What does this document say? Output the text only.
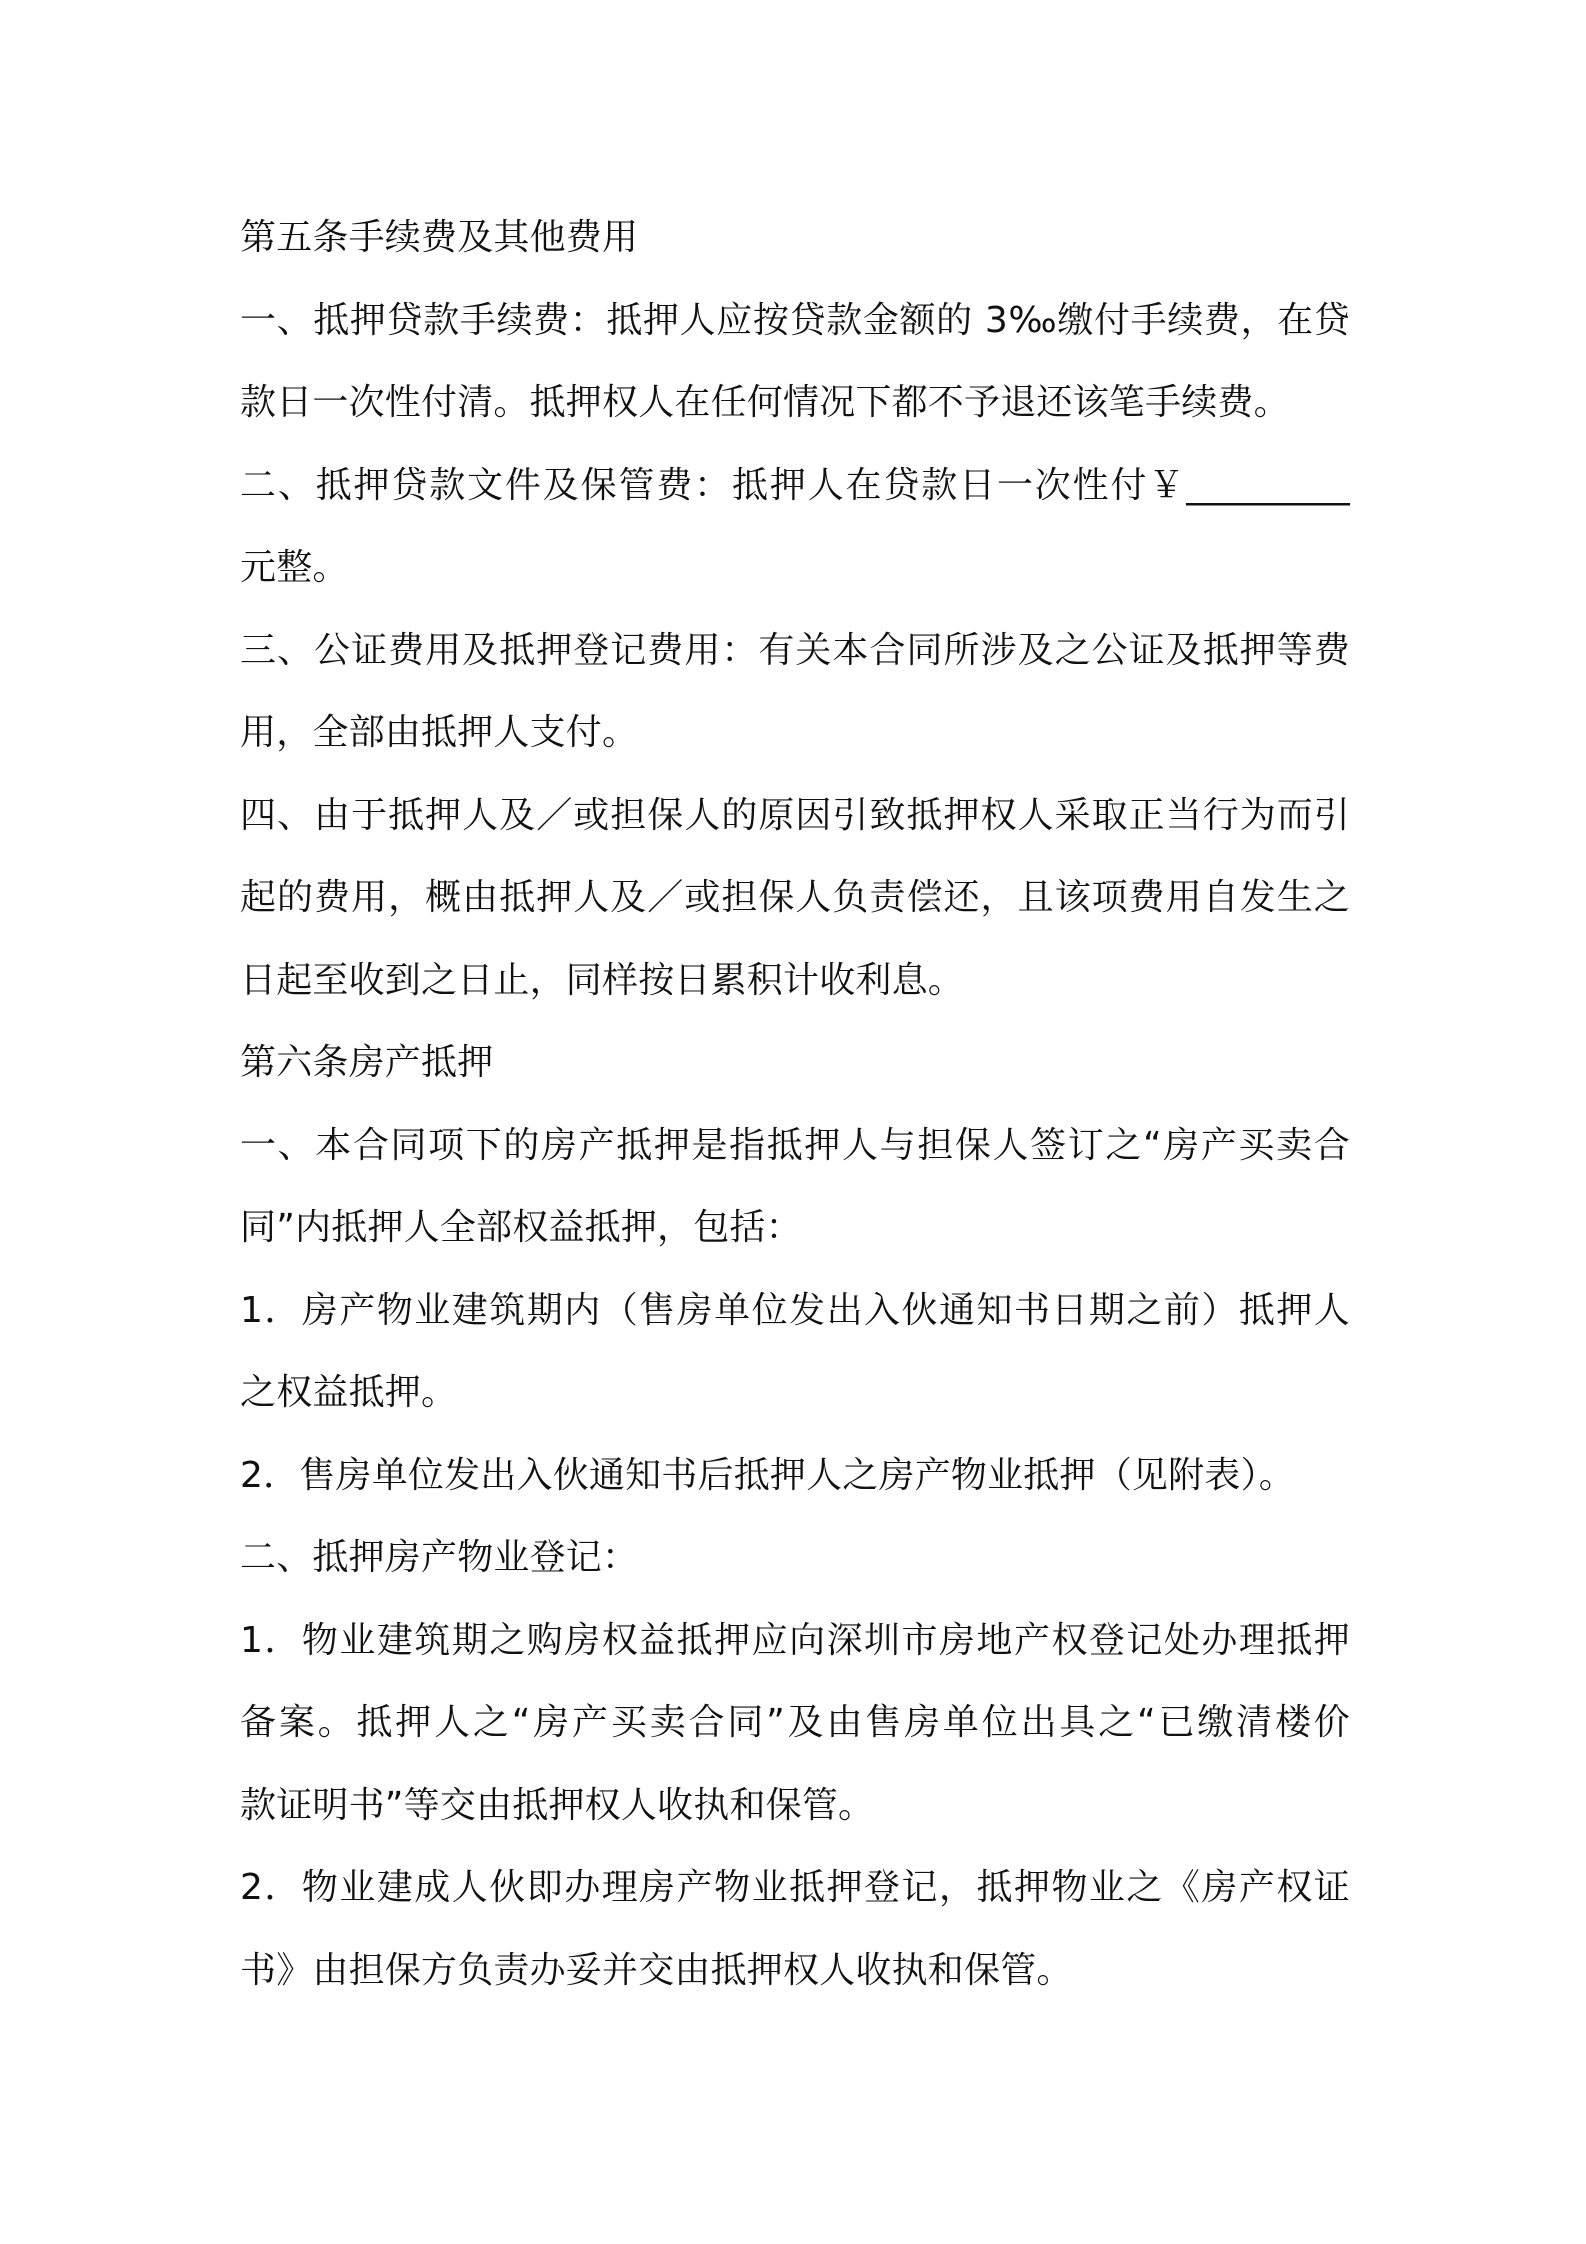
第五条手续费及其他费用
一、抵押贷款手续费：抵押人应按贷款金额的 3‰缴付手续费，在贷
款日一次性付清。抵押权人在任何情况下都不予退还该笔手续费。
二、抵押贷款文件及保管费：抵押人在贷款日一次性付￥_________
元整。
三、公证费用及抵押登记费用：有关本合同所涉及之公证及抵押等费
用，全部由抵押人支付。
四、由于抵押人及／或担保人的原因引致抵押权人采取正当行为而引
起的费用，概由抵押人及／或担保人负责偿还，且该项费用自发生之
日起至收到之日止，同样按日累积计收利息。
第六条房产抵押
一、本合同项下的房产抵押是指抵押人与担保人签订之“房产买卖合
同”内抵押人全部权益抵押，包括：
1．房产物业建筑期内（售房单位发出入伙通知书日期之前）抵押人
之权益抵押。
2．售房单位发出入伙通知书后抵押人之房产物业抵押（见附表）。
二、抵押房产物业登记：
1．物业建筑期之购房权益抵押应向深圳市房地产权登记处办理抵押
备案。抵押人之“房产买卖合同”及由售房单位出具之“已缴清楼价
款证明书”等交由抵押权人收执和保管。
2．物业建成人伙即办理房产物业抵押登记，抵押物业之《房产权证
书》由担保方负责办妥并交由抵押权人收执和保管。
